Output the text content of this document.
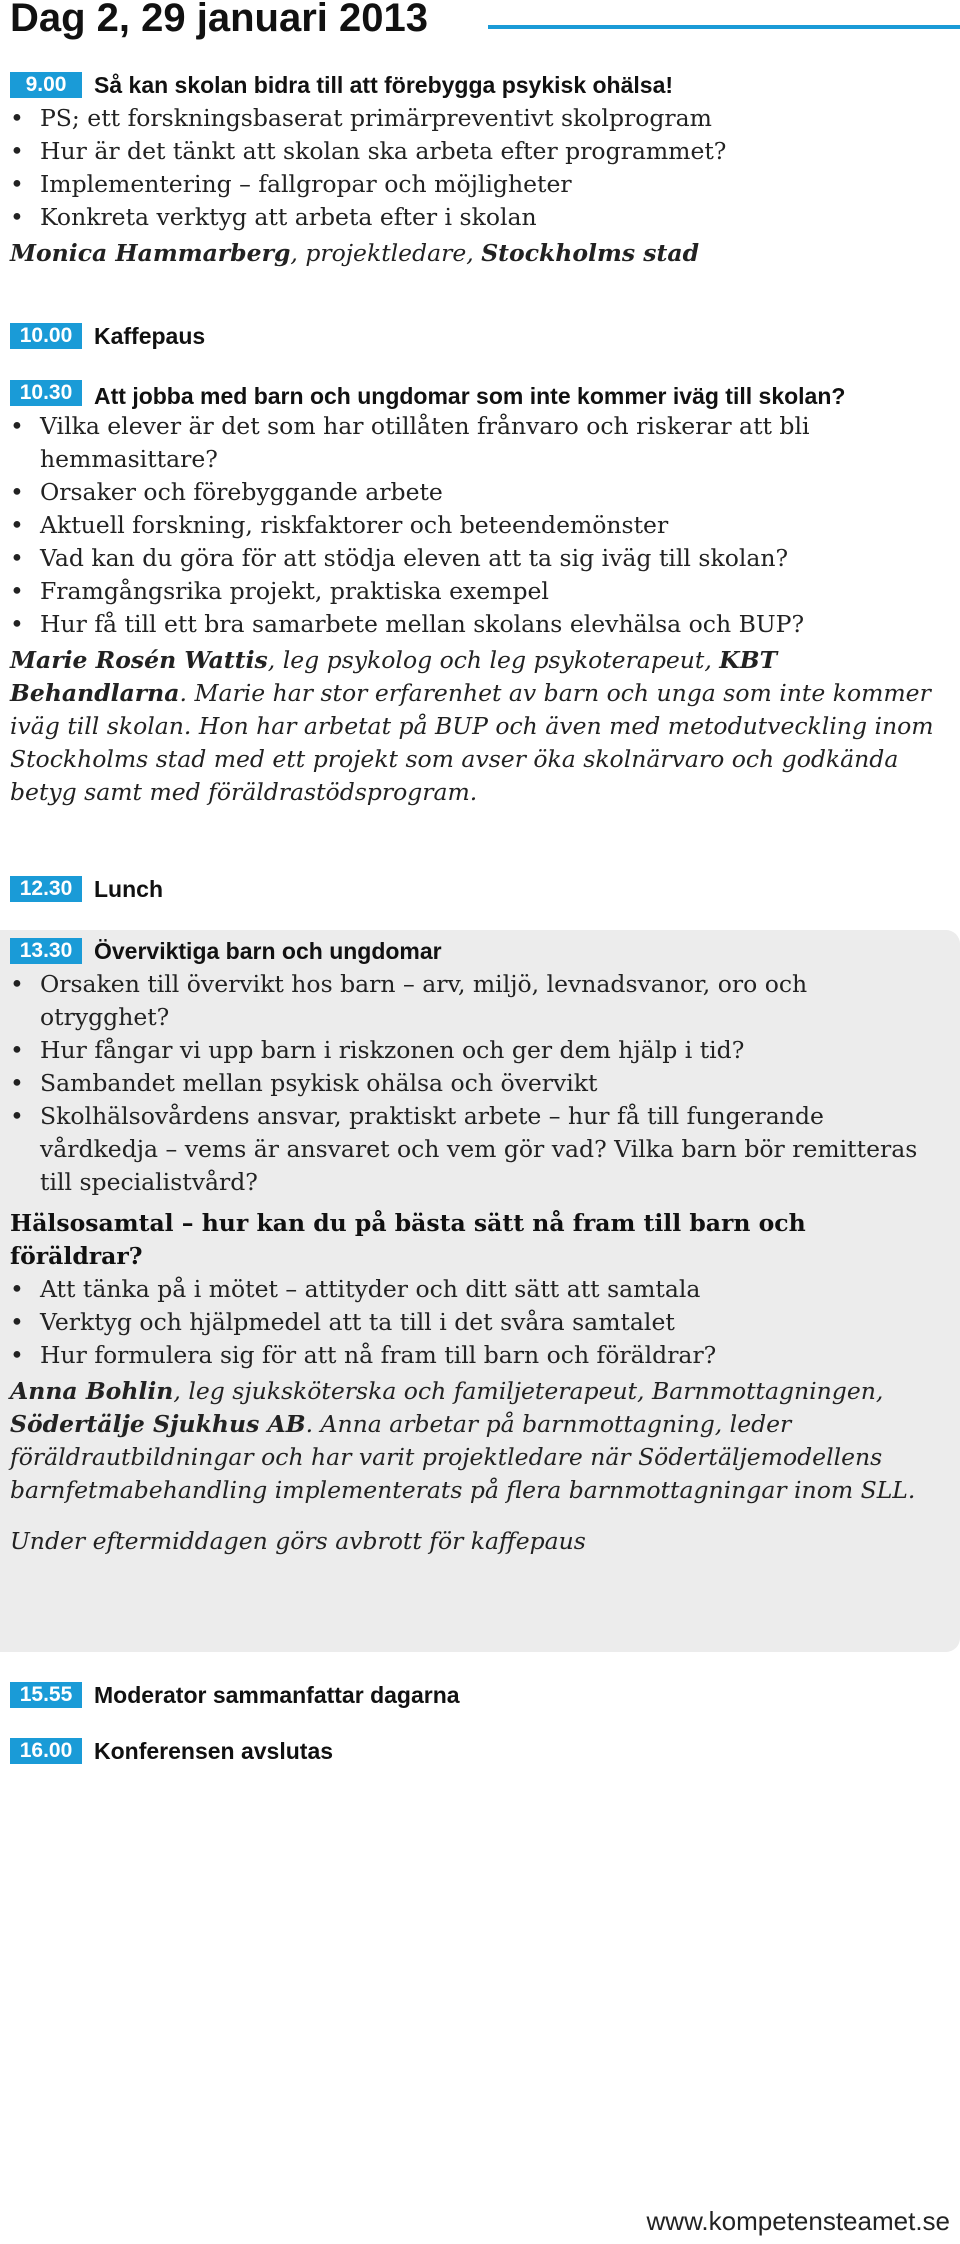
Dag 2, 29 januari 2013
9.00	Så kan skolan bidra till att förebygga psykisk ohälsa!
• PS; ett forskningsbaserat primärpreventivt skolprogram
• Hur är det tänkt att skolan ska arbeta efter programmet?
• Implementering – fallgropar och möjligheter
• Konkreta verktyg att arbeta efter i skolan
Monica Hammarberg, projektledare, Stockholms stad
10.00 Kaffepaus
10.30 Att jobba med barn och ungdomar som inte kommer iväg till skolan?
• Vilka elever är det som har otillåten frånvaro och riskerar att bli hemmasittare?
• Orsaker och förebyggande arbete
• Aktuell forskning, riskfaktorer och beteendemönster
• Vad kan du göra för att stödja eleven att ta sig iväg till skolan?
• Framgångsrika projekt, praktiska exempel
• Hur få till ett bra samarbete mellan skolans elevhälsa och BUP?
Marie Rosén Wattis, leg psykolog och leg psykoterapeut, KBT Behandlarna. Marie har stor erfarenhet av barn och unga som inte kommer iväg till skolan. Hon har arbetat på BUP och även med metodutveckling inom Stockholms stad med ett projekt som avser öka skolnärvaro och godkända betyg samt med föräldrastödsprogram.
12.30 Lunch
13.30 Överviktiga barn och ungdomar
• Orsaken till övervikt hos barn – arv, miljö, levnadsvanor, oro och otrygghet?
• Hur fångar vi upp barn i riskzonen och ger dem hjälp i tid?
• Sambandet mellan psykisk ohälsa och övervikt
• Skolhälsovårdens ansvar, praktiskt arbete – hur få till fungerande vårdkedja – vems är ansvaret och vem gör vad? Vilka barn bör remitteras till specialistvård?
Hälsosamtal – hur kan du på bästa sätt nå fram till barn och föräldrar?
• Att tänka på i mötet – attityder och ditt sätt att samtala
• Verktyg och hjälpmedel att ta till i det svåra samtalet
• Hur formulera sig för att nå fram till barn och föräldrar?
Anna Bohlin, leg sjuksköterska och familjeterapeut, Barnmottagningen, Södertälje Sjukhus AB. Anna arbetar på barnmottagning, leder föräldrautbildningar och har varit projektledare när Södertäljemodellens barnfetmabehandling implementerats på flera barnmottagningar inom SLL.
Under eftermiddagen görs avbrott för kaffepaus
15.55 Moderator sammanfattar dagarna
16.00 Konferensen avslutas
www.kompetensteamet.se
